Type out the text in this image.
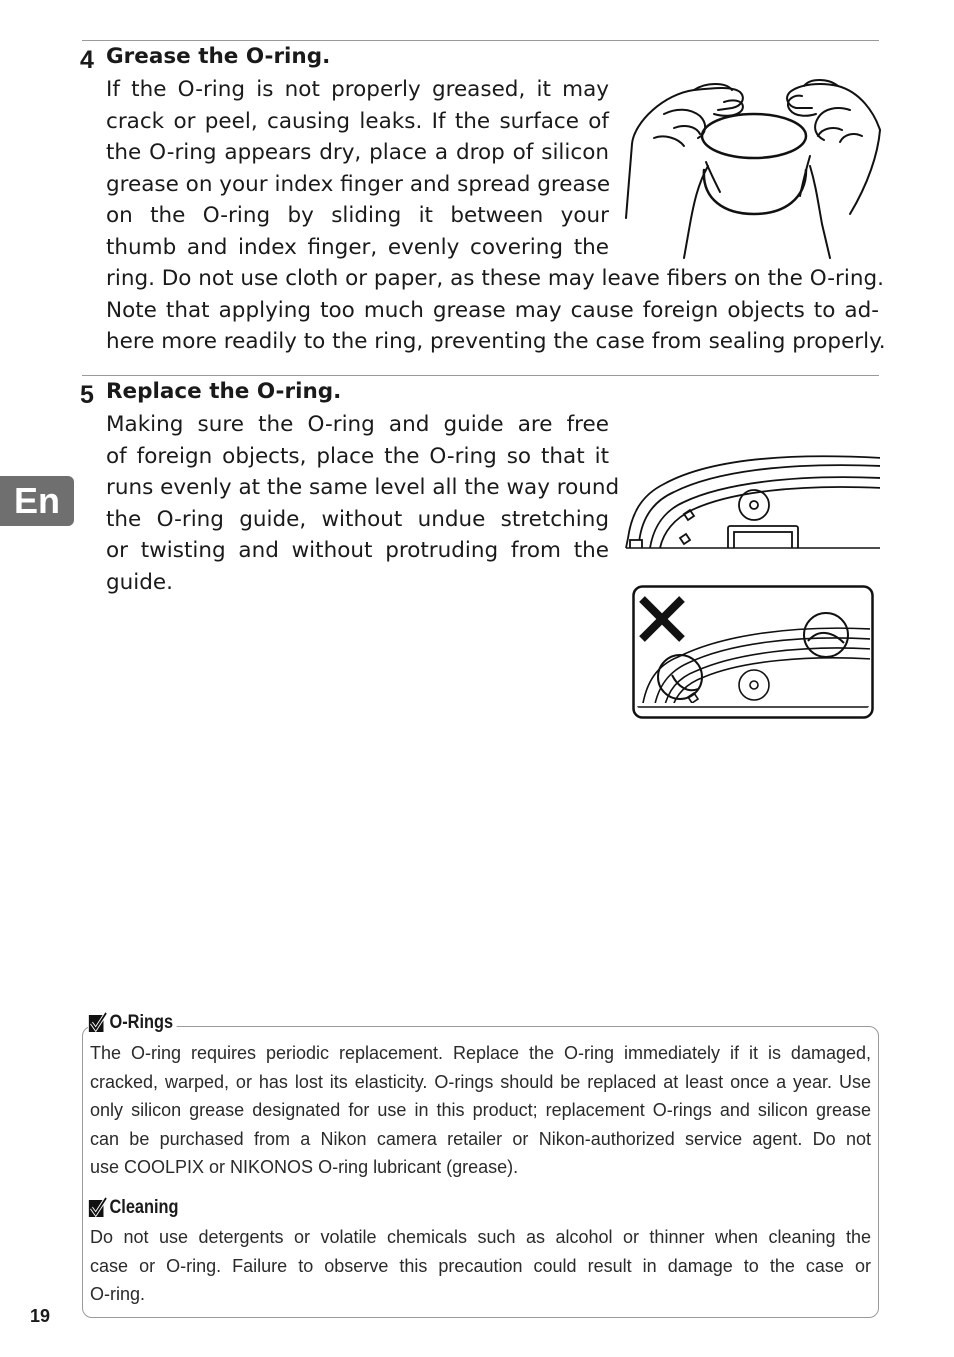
4 Grease the O-ring.
If the O-ring is not properly greased, it may
crack or peel, causing leaks. If the surface of
the O-ring appears dry, place a drop of silicon
grease on your index finger and spread grease
on the O-ring by sliding it between your
thumb and index finger, evenly covering the
ring. Do not use cloth or paper, as these may leave fibers on the O-ring.
Note that applying too much grease may cause foreign objects to ad-
here more readily to the ring, preventing the case from sealing properly.
5 Replace the O-ring.
Making sure the O-ring and guide are free
of foreign objects, place the O-ring so that it
runs evenly at the same level all the way round
the O-ring guide, without undue stretching
or twisting and without protruding from the
guide.
En
O-Rings
The O-ring requires periodic replacement. Replace the O-ring immediately if it is damaged,
cracked, warped, or has lost its elasticity. O-rings should be replaced at least once a year. Use
only silicon grease designated for use in this product; replacement O-rings and silicon grease
can be purchased from a Nikon camera retailer or Nikon-authorized service agent. Do not
use COOLPIX or NIKONOS O-ring lubricant (grease).
Cleaning
Do not use detergents or volatile chemicals such as alcohol or thinner when cleaning the
case or O-ring. Failure to observe this precaution could result in damage to the case or
O-ring.
19
